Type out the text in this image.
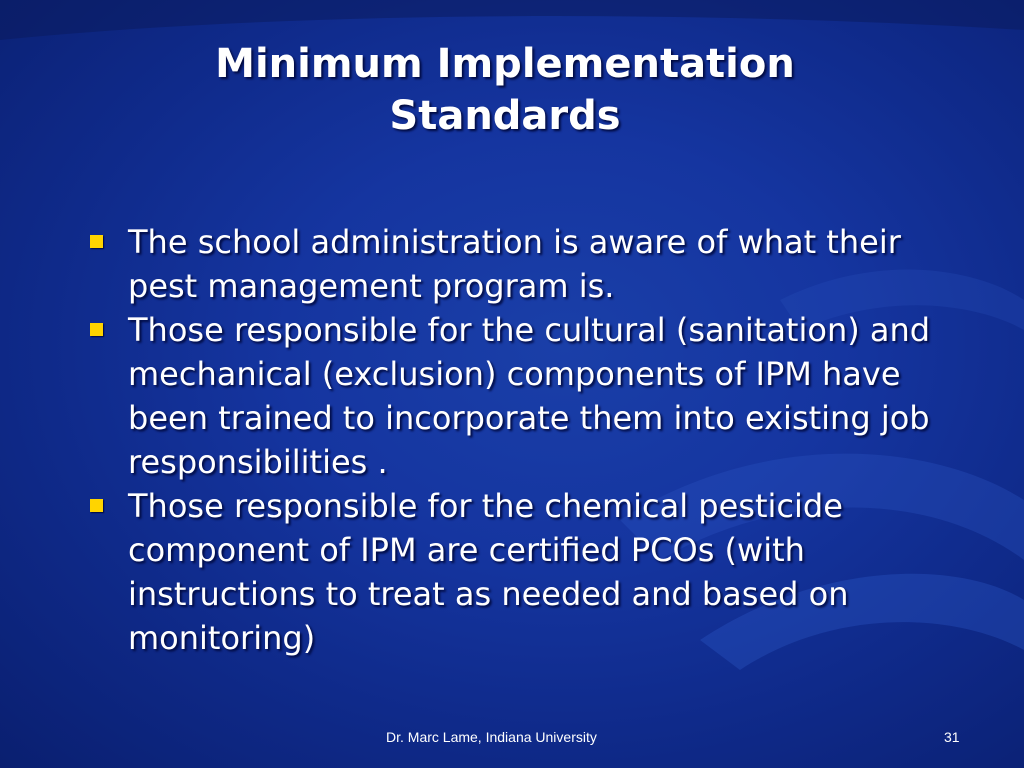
Minimum Implementation
Standards
The school administration is aware of what their pest management program is.
Those responsible for the cultural (sanitation) and mechanical (exclusion) components of IPM have been trained to incorporate them into existing job responsibilities .
Those responsible for the chemical pesticide component of IPM are certified PCOs (with instructions to treat as needed and based on monitoring)
Dr. Marc Lame, Indiana University	31
